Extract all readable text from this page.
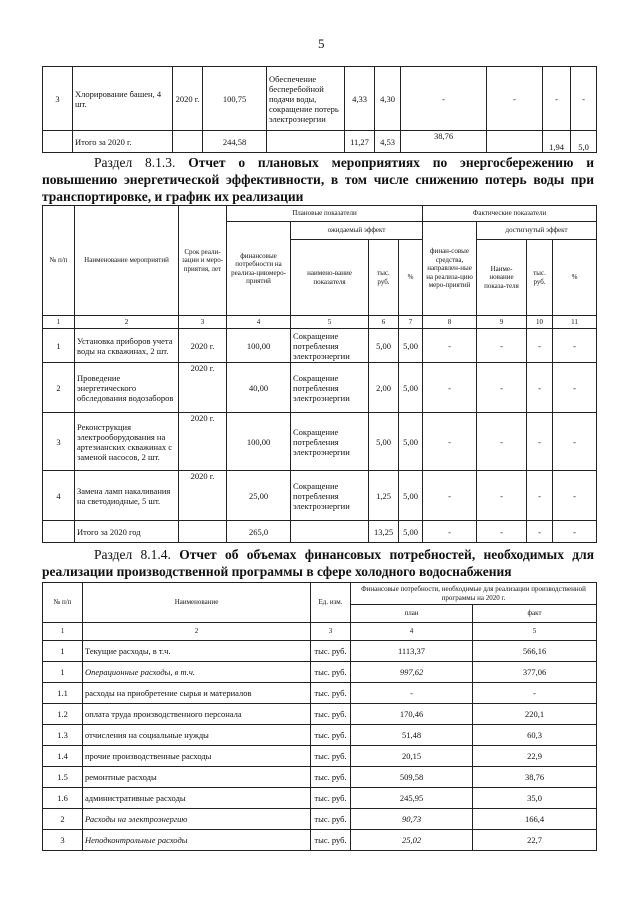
5
3	Хлорирование башен, 4 шт.	2020 г.	100,75	Обеспечение бесперебойной подачи воды, сокращение потерь электроэнергии	4,33	4,30	-	-	-	-
	Итого за 2020 г.		244,58		11,27	4,53	38,76		1,94	5,0
Раздел 8.1.3. Отчет о плановых мероприятиях по энергосбережению и повышению энергетической эффективности, в том числе снижению потерь воды при транспортировке, и график их реализации
№ п/п	Наименование мероприятий	Срок реали-зации и меро-приятия, лет	Плановые показатели				Фактические показатели			
			финансовые потребности на реализа-циюмеро-приятий	ожидаемый эффект			финан-совые средства, направлен-ные на реализа-цию меро-приятий	достигнутый эффект		
				наимено-вание показателя	тыс. руб.	%		Наиме-нование показа-теля	тыс. руб.	%
1	2	3	4	5	6	7	8	9	10	11
1	Установка приборов учета воды на скважинах, 2 шт.	2020 г.	100,00	Сокращение потребления электроэнергии	5,00	5,00	-	-	-	-
2	Проведение энергетического обследования водозаборов	2020 г.	40,00	Сокращение потребления электроэнергии	2,00	5,00	-	-	-	-
3	Реконструкция электрооборудования на артезианских скважинах с заменой насосов, 2 шт.	2020 г.	100,00	Сокращение потребления электроэнергии	5,00	5,00	-	-	-	-
4	Замена ламп накаливания на светодиодные, 5 шт.	2020 г.	25,00	Сокращение потребления электроэнергии	1,25	5,00	-	-	-	-
	Итого за 2020 год		265,0		13,25	5,00	-	-	-	-
Раздел 8.1.4. Отчет об объемах финансовых потребностей, необходимых для реализации производственной программы в сфере холодного водоснабжения
№ п/п	Наименование	Ед. изм.	Финансовые потребности, необходимые для реализации производственной программы на 2020 г.	
			план	факт
1	2	3	4	5
1	Текущие расходы, в т.ч.	тыс. руб.	1113,37	566,16
1	Операционные расходы, в т.ч.	тыс. руб.	997,62	377,06
1.1	расходы на приобретение сырья и материалов	тыс. руб.	-	-
1.2	оплата труда производственного персонала	тыс. руб.	170,46	220,1
1.3	отчисления на социальные нужды	тыс. руб.	51,48	60,3
1.4	прочие производственные расходы	тыс. руб.	20,15	22,9
1.5	ремонтные расходы	тыс. руб.	509,58	38,76
1.6	административные расходы	тыс. руб.	245,95	35,0
2	Расходы на электроэнергию	тыс. руб.	90,73	166,4
3	Неподконтрольные расходы	тыс. руб.	25,02	22,7
